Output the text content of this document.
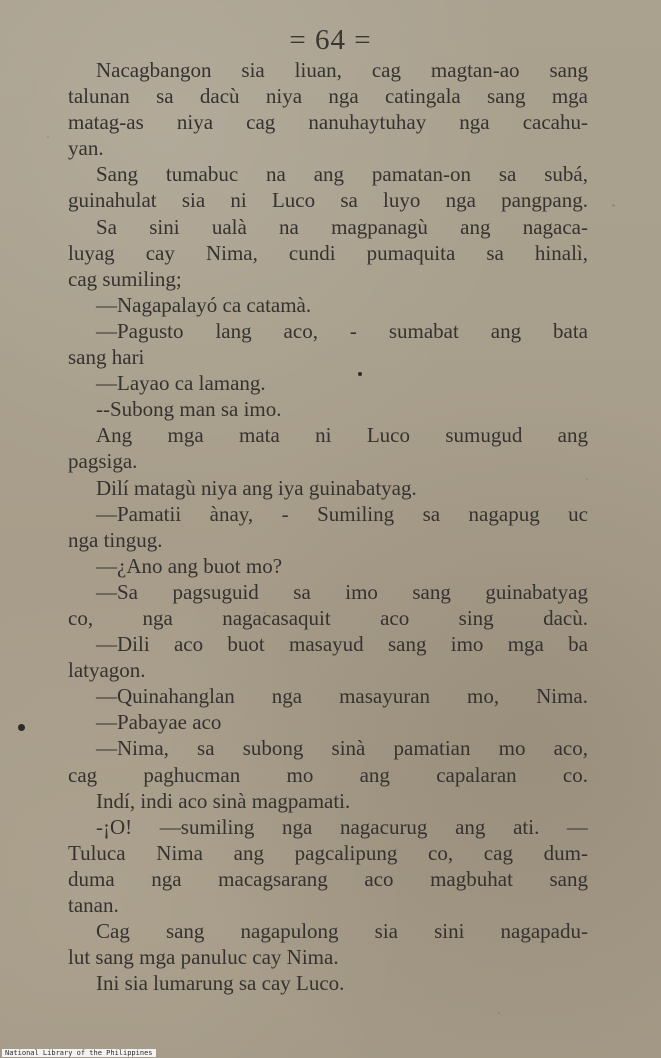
= 64 =
Nacagbangon sia liuan, cag magtan-ao sang
talunan sa dacù niya nga catingala sang mga
matag-as niya cag nanuhaytuhay nga cacahu-
yan.
Sang tumabuc na ang pamatan-on sa subá,
guinahulat sia ni Luco sa luyo nga pangpang.
Sa sini ualà na magpanagù ang nagaca-
luyag cay Nima, cundi pumaquita sa hinalì,
cag sumiling;
—Nagapalayó ca catamà.
—Pagusto lang aco, - sumabat ang bata
sang hari
—Layao ca lamang.
--Subong man sa imo.
Ang mga mata ni Luco sumugud ang
pagsiga.
Dilí matagù niya ang iya guinabatyag.
—Pamatii ànay, - Sumiling sa nagapug uc
nga tingug.
—¿Ano ang buot mo?
—Sa pagsuguid sa imo sang guinabatyag
co, nga nagacasaquit aco sing dacù.
—Dili aco buot masayud sang imo mga ba
latyagon.
—Quinahanglan nga masayuran mo, Nima.
—Pabayae aco
—Nima, sa subong sinà pamatian mo aco,
cag paghucman mo ang capalaran co.
Indí, indi aco sinà magpamati.
-¡O! —sumiling nga nagacurug ang ati. —
Tuluca Nima ang pagcalipung co, cag dum-
duma nga macagsarang aco magbuhat sang
tanan.
Cag sang nagapulong sia sini nagapadu-
lut sang mga panuluc cay Nima.
Ini sia lumarung sa cay Luco.
National Library of the Philippines
